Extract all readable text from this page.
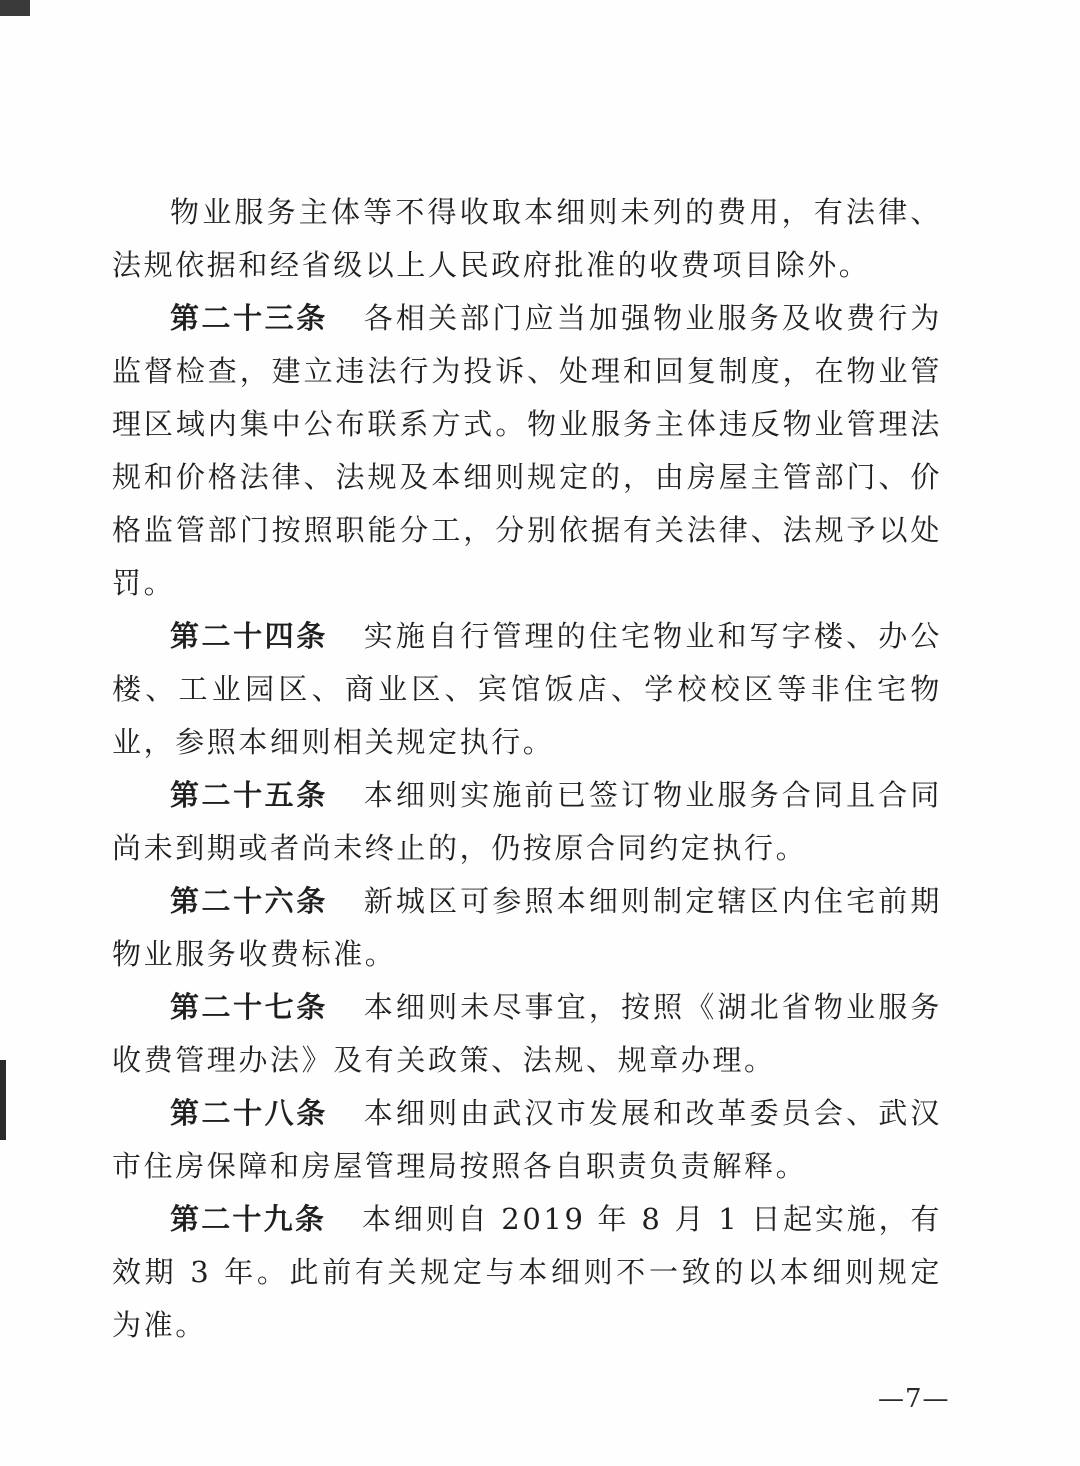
物业服务主体等不得收取本细则未列的费用，有法律、法规依据和经省级以上人民政府批准的收费项目除外。

第二十三条 各相关部门应当加强物业服务及收费行为监督检查，建立违法行为投诉、处理和回复制度，在物业管理区域内集中公布联系方式。物业服务主体违反物业管理法规和价格法律、法规及本细则规定的，由房屋主管部门、价格监管部门按照职能分工，分别依据有关法律、法规予以处罚。

第二十四条 实施自行管理的住宅物业和写字楼、办公楼、工业园区、商业区、宾馆饭店、学校校区等非住宅物业，参照本细则相关规定执行。

第二十五条 本细则实施前已签订物业服务合同且合同尚未到期或者尚未终止的，仍按原合同约定执行。

第二十六条 新城区可参照本细则制定辖区内住宅前期物业服务收费标准。

第二十七条 本细则未尽事宜，按照《湖北省物业服务收费管理办法》及有关政策、法规、规章办理。

第二十八条 本细则由武汉市发展和改革委员会、武汉市住房保障和房屋管理局按照各自职责负责解释。

第二十九条 本细则自 2019 年 8 月 1 日起实施，有效期 3 年。此前有关规定与本细则不一致的以本细则规定为准。

—7—
